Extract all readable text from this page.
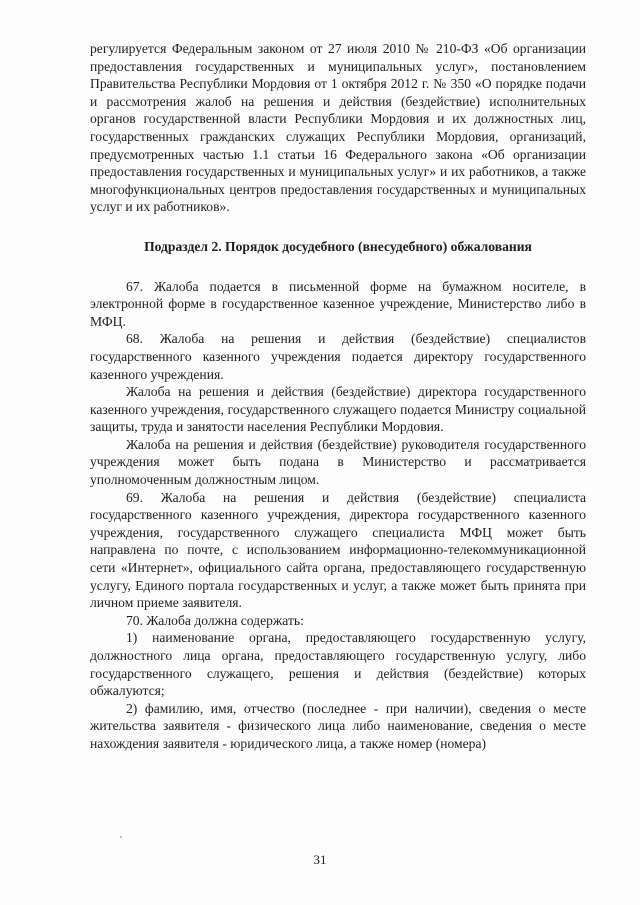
регулируется Федеральным законом от 27 июля 2010 № 210-ФЗ «Об организации предоставления государственных и муниципальных услуг», постановлением Правительства Республики Мордовия от 1 октября 2012 г. № 350 «О порядке подачи и рассмотрения жалоб на решения и действия (бездействие) исполнительных органов государственной власти Республики Мордовия и их должностных лиц, государственных гражданских служащих Республики Мордовия, организаций, предусмотренных частью 1.1 статьи 16 Федерального закона «Об организации предоставления государственных и муниципальных услуг» и их работников, а также многофункциональных центров предоставления государственных и муниципальных услуг и их работников».

Подраздел 2. Порядок досудебного (внесудебного) обжалования

67. Жалоба подается в письменной форме на бумажном носителе, в электронной форме в государственное казенное учреждение, Министерство либо в МФЦ.

68. Жалоба на решения и действия (бездействие) специалистов государственного казенного учреждения подается директору государственного казенного учреждения.

Жалоба на решения и действия (бездействие) директора государственного казенного учреждения, государственного служащего подается Министру социальной защиты, труда и занятости населения Республики Мордовия.

Жалоба на решения и действия (бездействие) руководителя государственного учреждения может быть подана в Министерство и рассматривается уполномоченным должностным лицом.

69. Жалоба на решения и действия (бездействие) специалиста государственного казенного учреждения, директора государственного казенного учреждения, государственного служащего специалиста МФЦ может быть направлена по почте, с использованием информационно-телекоммуникационной сети «Интернет», официального сайта органа, предоставляющего государственную услугу, Единого портала государственных и услуг, а также может быть принята при личном приеме заявителя.

70. Жалоба должна содержать:

1) наименование органа, предоставляющего государственную услугу, должностного лица органа, предоставляющего государственную услугу, либо государственного служащего, решения и действия (бездействие) которых обжалуются;

2) фамилию, имя, отчество (последнее - при наличии), сведения о месте жительства заявителя - физического лица либо наименование, сведения о месте нахождения заявителя - юридического лица, а также номер (номера)

31
